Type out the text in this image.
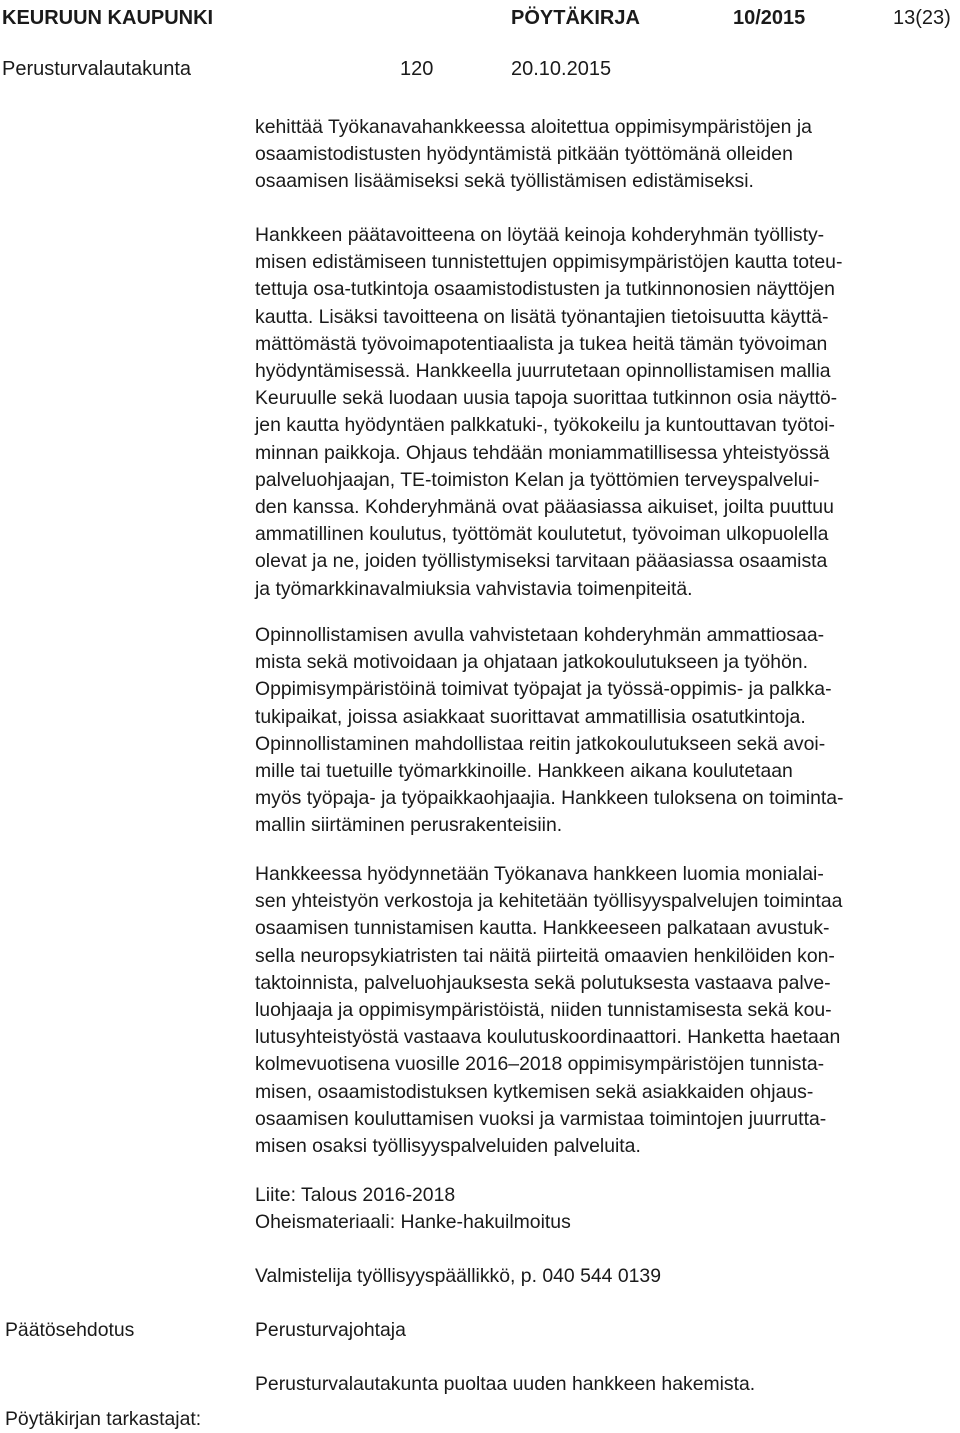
KEURUUN KAUPUNKI	PÖYTÄKIRJA	10/2015	13(23)
Perusturvalautakunta	120	20.10.2015
kehittää Työkanavahankkeessa aloitettua oppimisympäristöjen ja
osaamistodistusten hyödyntämistä pitkään työttömänä olleiden
osaamisen lisäämiseksi sekä työllistämisen edistämiseksi.
Hankkeen päätavoitteena on löytää keinoja kohderyhmän työllisty-
misen edistämiseen tunnistettujen oppimisympäristöjen kautta toteu-
tettuja osa-tutkintoja osaamistodistusten ja tutkinnonosien näyttöjen
kautta. Lisäksi tavoitteena on lisätä työnantajien tietoisuutta käyttä-
mättömästä työvoimapotentiaalista ja tukea heitä tämän työvoiman
hyödyntämisessä. Hankkeella juurrutetaan opinnollistamisen mallia
Keuruulle sekä luodaan uusia tapoja suorittaa tutkinnon osia näyttö-
jen kautta hyödyntäen palkkatuki-, työkokeilu ja kuntouttavan työtoi-
minnan paikkoja. Ohjaus tehdään moniammatillisessa yhteistyössä
palveluohjaajan, TE-toimiston Kelan ja työttömien terveyspalvelui-
den kanssa. Kohderyhmänä ovat pääasiassa aikuiset, joilta puuttuu
ammatillinen koulutus, työttömät koulutetut, työvoiman ulkopuolella
olevat ja ne, joiden työllistymiseksi tarvitaan pääasiassa osaamista
ja työmarkkinavalmiuksia vahvistavia toimenpiteitä.
Opinnollistamisen avulla vahvistetaan kohderyhmän ammattiosaa-
mista sekä motivoidaan ja ohjataan jatkokoulutukseen ja työhön.
Oppimisympäristöinä toimivat työpajat ja työssä-oppimis- ja palkka-
tukipaikat, joissa asiakkaat suorittavat ammatillisia osatutkintoja.
Opinnollistaminen mahdollistaa reitin jatkokoulutukseen sekä avoi-
mille tai tuetuille työmarkkinoille. Hankkeen aikana koulutetaan
myös työpaja- ja työpaikkaohjaajia. Hankkeen tuloksena on toiminta-
mallin siirtäminen perusrakenteisiin.
Hankkeessa hyödynnetään Työkanava hankkeen luomia monialai-
sen yhteistyön verkostoja ja kehitetään työllisyyspalvelujen toimintaa
osaamisen tunnistamisen kautta. Hankkeeseen palkataan avustuk-
sella neuropsykiatristen tai näitä piirteitä omaavien henkilöiden kon-
taktoinnista, palveluohjauksesta sekä polutuksesta vastaava palve-
luohjaaja ja oppimisympäristöistä, niiden tunnistamisesta sekä kou-
lutusyhteistyöstä vastaava koulutuskoordinaattori. Hanketta haetaan
kolmevuotisena vuosille 2016–2018 oppimisympäristöjen tunnista-
misen, osaamistodistuksen kytkemisen sekä asiakkaiden ohjaus-
osaamisen kouluttamisen vuoksi ja varmistaa toimintojen juurrutta-
misen osaksi työllisyyspalveluiden palveluita.
Liite: Talous 2016-2018
Oheismateriaali: Hanke-hakuilmoitus
Valmistelija työllisyyspäällikkö, p. 040 544 0139
Päätösehdotus	Perusturvajohtaja
Perusturvalautakunta puoltaa uuden hankkeen hakemista.
Pöytäkirjan tarkastajat:
